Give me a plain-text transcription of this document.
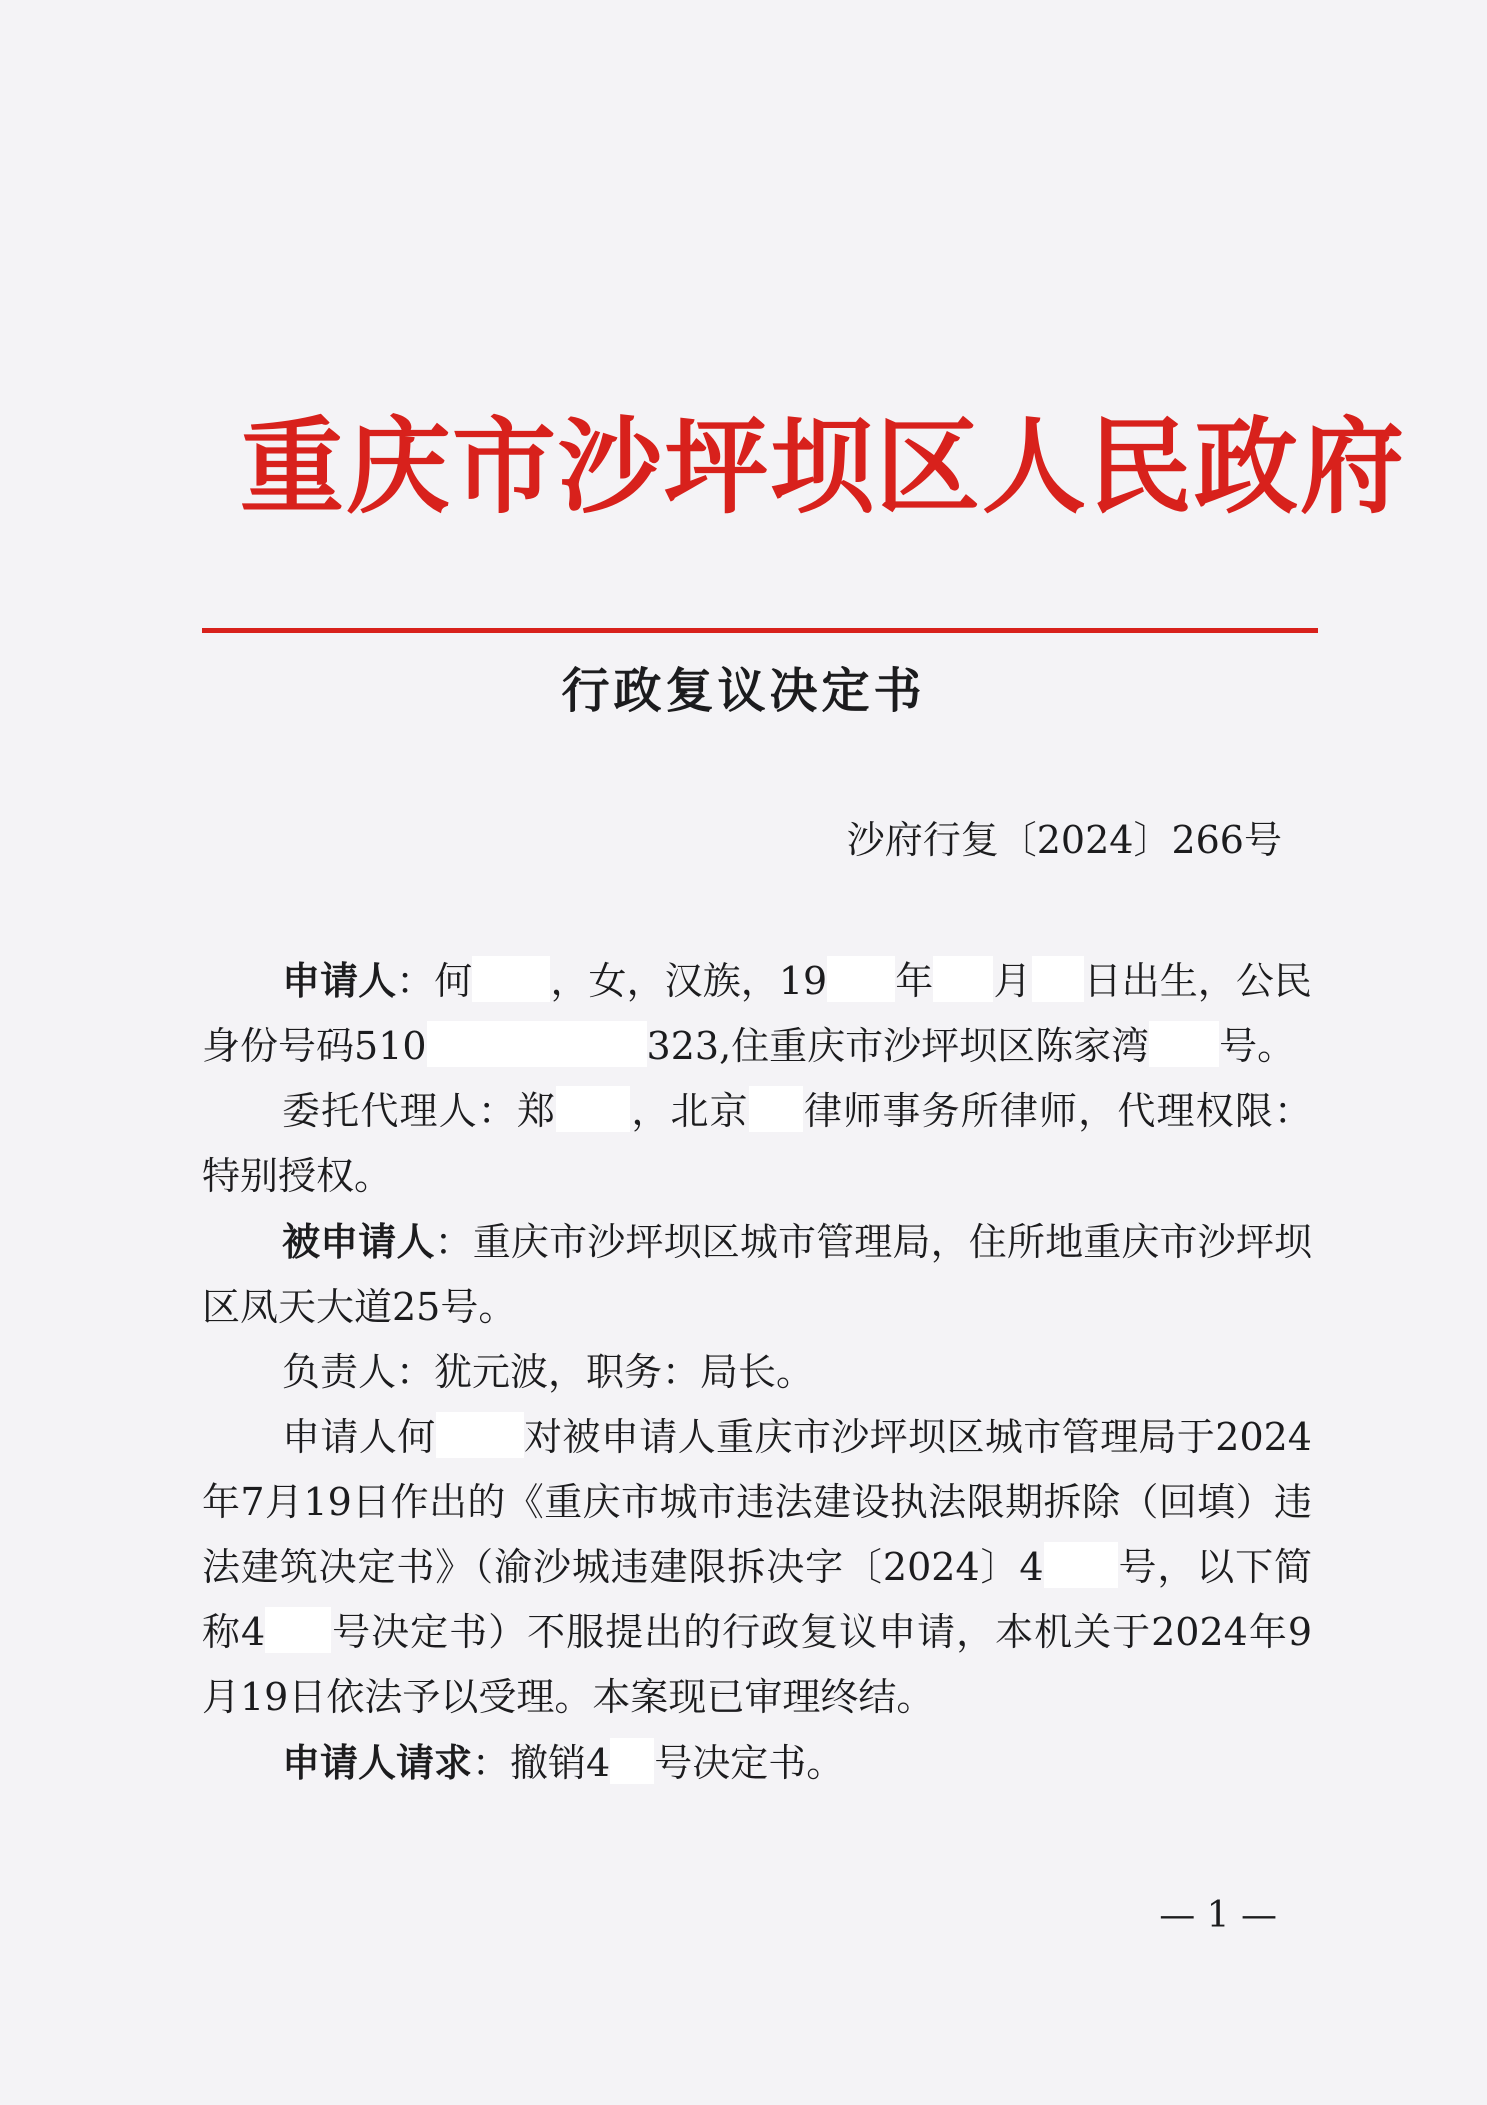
重庆市沙坪坝区人民政府
行政复议决定书
沙府行复〔2024〕266号

申请人：何 ，女，汉族，19 年 月 日出生，公民身份号码510	323,住重庆市沙坪坝区陈家湾 号。

委托代理人：郑 ，北京 律师事务所律师，代理权限：特别授权。

被申请人：重庆市沙坪坝区城市管理局，住所地重庆市沙坪坝区凤天大道25号。

负责人：犹元波，职务：局长。

申请人何 对被申请人重庆市沙坪坝区城市管理局于2024年7月19日作出的《重庆市城市违法建设执法限期拆除（回填）违法建筑决定书》（渝沙城违建限拆决字〔2024〕4 号，以下简称4 号决定书）不服提出的行政复议申请，本机关于2024年9月19日依法予以受理。本案现已审理终结。

申请人请求：撤销4 号决定书。

— 1 —
